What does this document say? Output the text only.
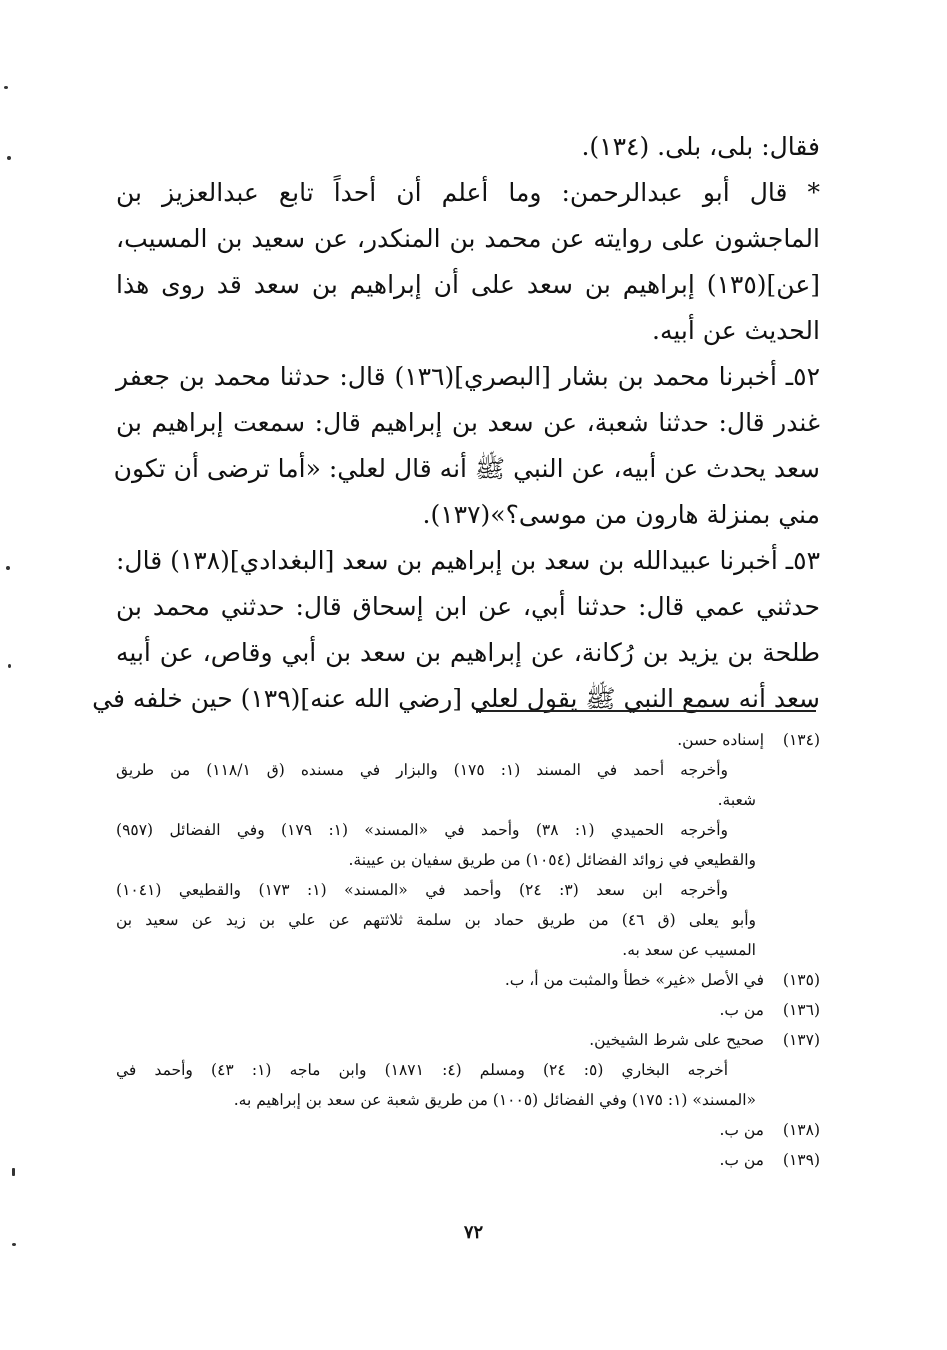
فقال: بلى، بلى. (١٣٤).
* قال أبو عبدالرحمن: وما أعلم أن أحداً تابع عبدالعزيز بن
الماجشون على روايته عن محمد بن المنكدر، عن سعيد بن المسيب،
[عن](١٣٥) إبراهيم بن سعد على أن إبراهيم بن سعد قد روى هذا
الحديث عن أبيه.
٥٢ـ أخبرنا محمد بن بشار [البصري](١٣٦) قال: حدثنا محمد بن جعفر
غندر قال: حدثنا شعبة، عن سعد بن إبراهيم قال: سمعت إبراهيم بن
سعد يحدث عن أبيه، عن النبي ﷺ أنه قال لعلي: «أما ترضى أن تكون
مني بمنزلة هارون من موسى؟»(١٣٧).
٥٣ـ أخبرنا عبيدالله بن سعد بن إبراهيم بن سعد [البغدادي](١٣٨) قال:
حدثني عمي قال: حدثنا أبي، عن ابن إسحاق قال: حدثني محمد بن
طلحة بن يزيد بن رُكانة، عن إبراهيم بن سعد بن أبي وقاص، عن أبيه
سعد أنه سمع النبي ﷺ يقول لعلي [رضي الله عنه](١٣٩) حين خلفه في
(١٣٤)إسناده حسن.
وأخرجه أحمد في المسند (١: ١٧٥) والبزار في مسنده (ق ١١٨/١) من طريق
شعبة.
وأخرجه الحميدي (١: ٣٨) وأحمد في «المسند» (١: ١٧٩) وفي الفضائل (٩٥٧)
والقطيعي في زوائد الفضائل (١٠٥٤) من طريق سفيان بن عيينة.
وأخرجه ابن سعد (٣: ٢٤) وأحمد في «المسند» (١: ١٧٣) والقطيعي (١٠٤١)
وأبو يعلى (ق ٤٦) من طريق حماد بن سلمة ثلاثتهم عن علي بن زيد عن سعيد بن
المسيب عن سعد به.
(١٣٥)في الأصل «غير» خطأ والمثبت من أ، ب.
(١٣٦)من ب.
(١٣٧)صحيح على شرط الشيخين.
أخرجه البخاري (٥: ٢٤) ومسلم (٤: ١٨٧١) وابن ماجه (١: ٤٣) وأحمد في
«المسند» (١: ١٧٥) وفي الفضائل (١٠٠٥) من طريق شعبة عن سعد بن إبراهيم به.
(١٣٨)من ب.
(١٣٩)من ب.
٧٢
